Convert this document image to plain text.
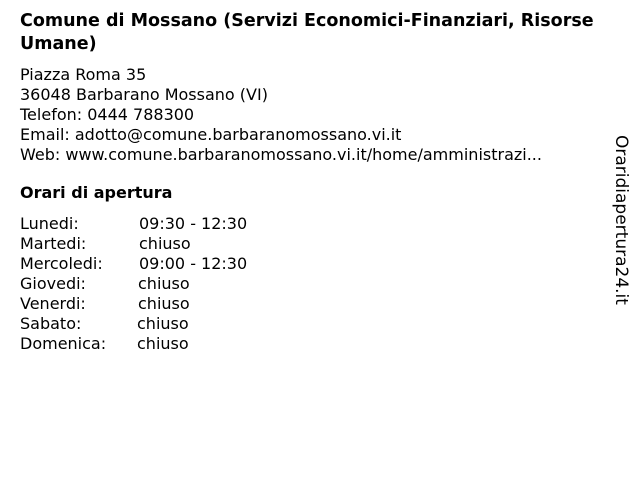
Comune di Mossano (Servizi Economici-Finanziari, Risorse Umane)
Piazza Roma 35
36048 Barbarano Mossano (VI)
Telefon: 0444 788300
Email: adotto@comune.barbaranomossano.vi.it
Web: www.comune.barbaranomossano.vi.it/home/amministrazi...
Orari di apertura
Lunedi:	09:30 - 12:30
Martedi:	chiuso
Mercoledi: 09:00 - 12:30
Giovedi:	chiuso
Venerdi:	chiuso
Sabato:	chiuso
Domenica: chiuso
Oraridiapertura24.it
